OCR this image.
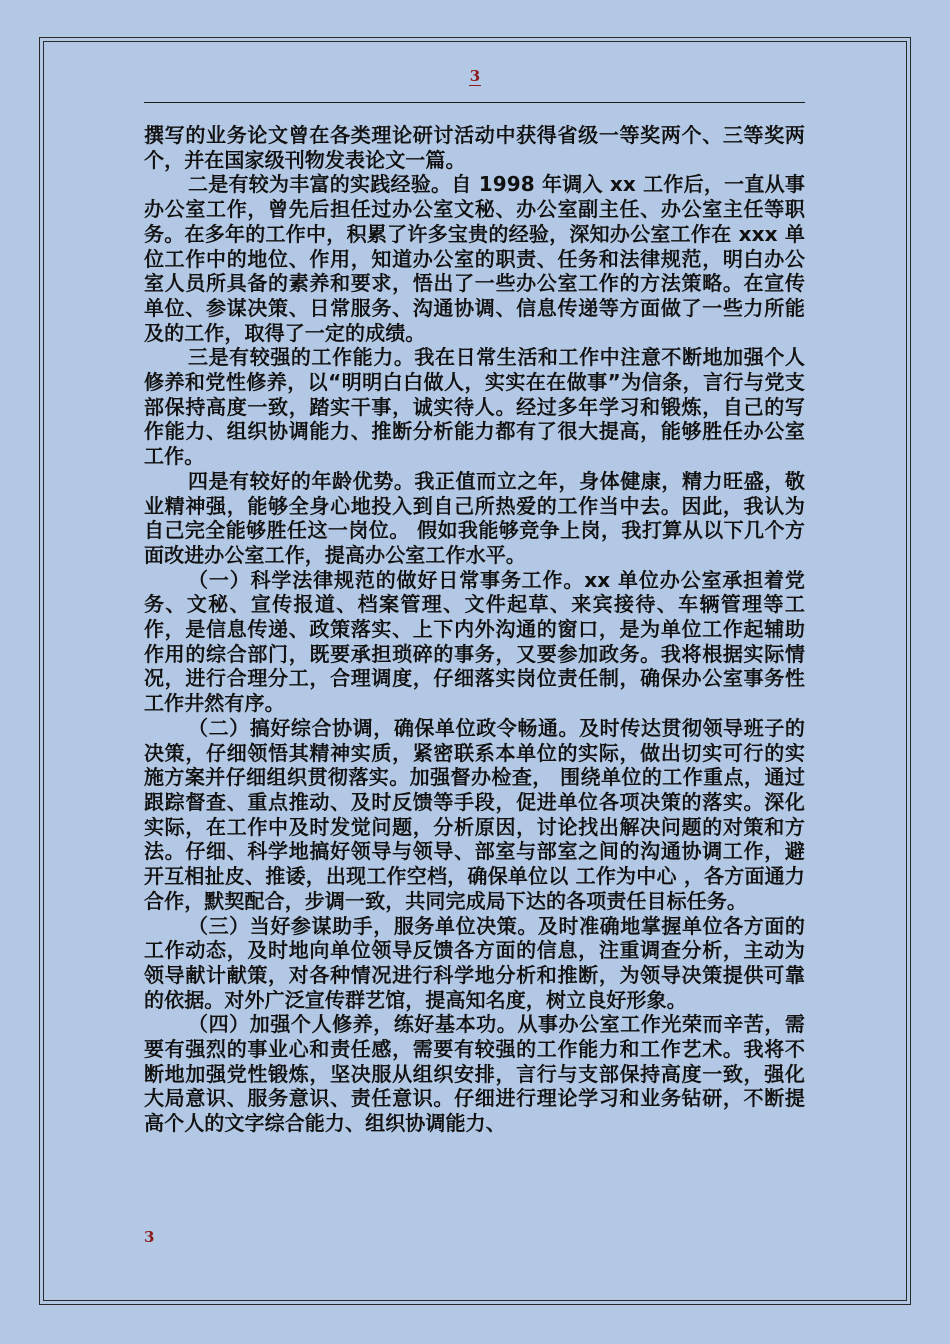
3

撰写的业务论文曾在各类理论研讨活动中获得省级一等奖两个、三等奖两个，并在国家级刊物发表论文一篇。

二是有较为丰富的实践经验。自 1998 年调入 xx 工作后，一直从事办公室工作，曾先后担任过办公室文秘、办公室副主任、办公室主任等职务。在多年的工作中，积累了许多宝贵的经验，深知办公室工作在 xxx 单位工作中的地位、作用，知道办公室的职责、任务和法律规范，明白办公室人员所具备的素养和要求，悟出了一些办公室工作的方法策略。在宣传单位、参谋决策、日常服务、沟通协调、信息传递等方面做了一些力所能及的工作，取得了一定的成绩。

三是有较强的工作能力。我在日常生活和工作中注意不断地加强个人修养和党性修养，以“明明白白做人，实实在在做事”为信条，言行与党支部保持高度一致，踏实干事，诚实待人。经过多年学习和锻炼，自己的写作能力、组织协调能力、推断分析能力都有了很大提高，能够胜任办公室工作。

四是有较好的年龄优势。我正值而立之年，身体健康，精力旺盛，敬业精神强，能够全身心地投入到自己所热爱的工作当中去。因此，我认为自己完全能够胜任这一岗位。 假如我能够竞争上岗，我打算从以下几个方面改进办公室工作，提高办公室工作水平。

（一）科学法律规范的做好日常事务工作。xx 单位办公室承担着党务、文秘、宣传报道、档案管理、文件起草、来宾接待、车辆管理等工作，是信息传递、政策落实、上下内外沟通的窗口，是为单位工作起辅助作用的综合部门，既要承担琐碎的事务，又要参加政务。我将根据实际情况，进行合理分工，合理调度，仔细落实岗位责任制，确保办公室事务性工作井然有序。

（二）搞好综合协调，确保单位政令畅通。及时传达贯彻领导班子的决策，仔细领悟其精神实质，紧密联系本单位的实际，做出切实可行的实施方案并仔细组织贯彻落实。加强督办检查， 围绕单位的工作重点，通过跟踪督查、重点推动、及时反馈等手段，促进单位各项决策的落实。深化实际，在工作中及时发觉问题，分析原因，讨论找出解决问题的对策和方法。仔细、科学地搞好领导与领导、部室与部室之间的沟通协调工作，避开互相扯皮、推诿，出现工作空档，确保单位以 工作为中心 ，各方面通力合作，默契配合，步调一致，共同完成局下达的各项责任目标任务。

（三）当好参谋助手，服务单位决策。及时准确地掌握单位各方面的工作动态，及时地向单位领导反馈各方面的信息，注重调查分析，主动为领导献计献策，对各种情况进行科学地分析和推断，为领导决策提供可靠的依据。对外广泛宣传群艺馆，提高知名度，树立良好形象。

（四）加强个人修养，练好基本功。从事办公室工作光荣而辛苦，需要有强烈的事业心和责任感，需要有较强的工作能力和工作艺术。我将不断地加强党性锻炼，坚决服从组织安排，言行与支部保持高度一致，强化大局意识、服务意识、责任意识。仔细进行理论学习和业务钻研，不断提高个人的文字综合能力、组织协调能力、

3
